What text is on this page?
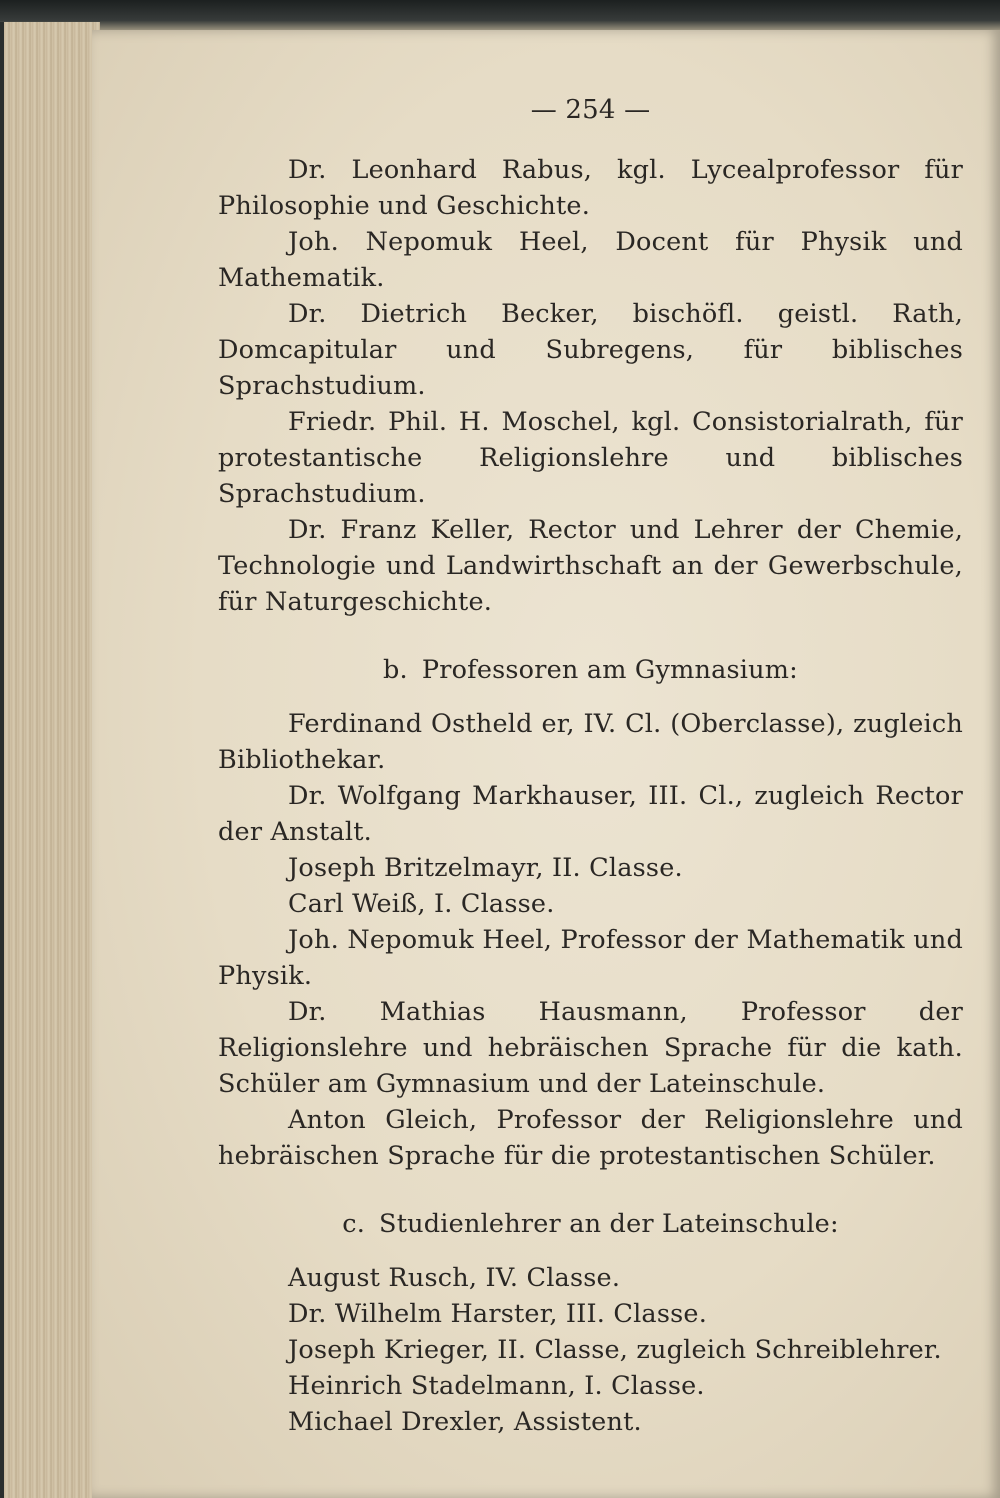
— 254 —

Dr. Leonhard Rabus, kgl. Lycealprofessor für Philosophie und Geschichte.

Joh. Nepomuk Heel, Docent für Physik und Mathematik.

Dr. Dietrich Becker, bischöfl. geistl. Rath, Domcapitular und Subregens, für biblisches Sprachstudium.

Friedr. Phil. H. Moschel, kgl. Consistorialrath, für protestantische Religionslehre und biblisches Sprachstudium.

Dr. Franz Keller, Rector und Lehrer der Chemie, Technologie und Landwirthschaft an der Gewerbschule, für Naturgeschichte.

b. Professoren am Gymnasium:

Ferdinand Ostheld er, IV. Cl. (Oberclasse), zugleich Bibliothekar.

Dr. Wolfgang Markhauser, III. Cl., zugleich Rector der Anstalt.

Joseph Britzelmayr, II. Classe.

Carl Weiß, I. Classe.

Joh. Nepomuk Heel, Professor der Mathematik und Physik.

Dr. Mathias Hausmann, Professor der Religionslehre und hebräischen Sprache für die kath. Schüler am Gymnasium und der Lateinschule.

Anton Gleich, Professor der Religionslehre und hebräischen Sprache für die protestantischen Schüler.

c. Studienlehrer an der Lateinschule:

August Rusch, IV. Classe.

Dr. Wilhelm Harster, III. Classe.

Joseph Krieger, II. Classe, zugleich Schreiblehrer.

Heinrich Stadelmann, I. Classe.

Michael Drexler, Assistent.
